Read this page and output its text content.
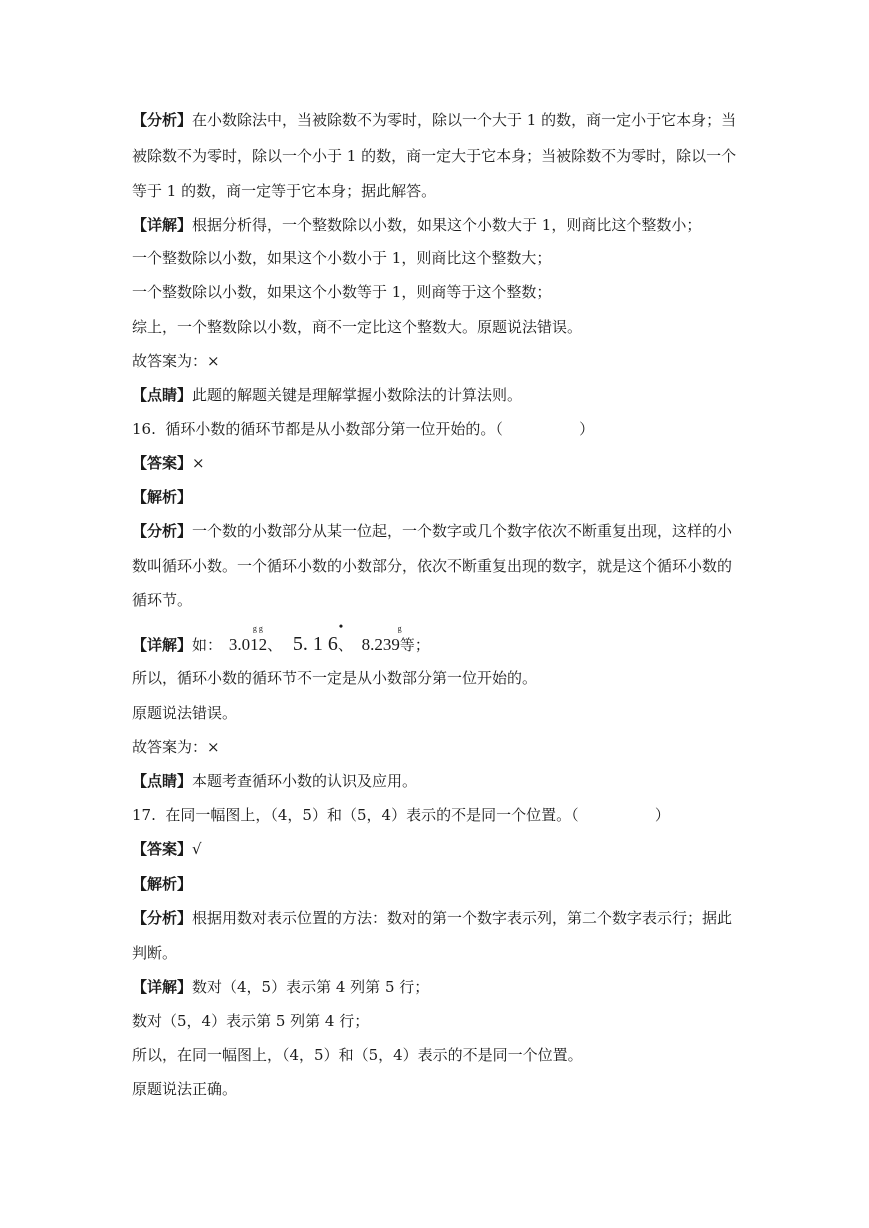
【分析】在小数除法中，当被除数不为零时，除以一个大于 1 的数，商一定小于它本身；当
被除数不为零时，除以一个小于 1 的数，商一定大于它本身；当被除数不为零时，除以一个
等于 1 的数，商一定等于它本身；据此解答。
【详解】根据分析得，一个整数除以小数，如果这个小数大于 1，则商比这个整数小；
一个整数除以小数，如果这个小数小于 1，则商比这个整数大；
一个整数除以小数，如果这个小数等于 1，则商等于这个整数；
综上，一个整数除以小数，商不一定比这个整数大。原题说法错误。
故答案为：×
【点睛】此题的解题关键是理解掌握小数除法的计算法则。
16.  循环小数的循环节都是从小数部分第一位开始的。（                ）
【答案】×
【解析】
【分析】一个数的小数部分从某一位起，一个数字或几个数字依次不断重复出现，这样的小
数叫循环小数。一个循环小数的小数部分，依次不断重复出现的数字，就是这个循环小数的
循环节。
【详解】如： 3.012
g g
、 5. 1 6
•
、 8.239
g
等；
所以，循环小数的循环节不一定是从小数部分第一位开始的。
原题说法错误。
故答案为：×
【点睛】本题考查循环小数的认识及应用。
17.  在同一幅图上，（4，5）和（5，4）表示的不是同一个位置。（                ）
【答案】√
【解析】
【分析】根据用数对表示位置的方法：数对的第一个数字表示列，第二个数字表示行；据此
判断。
【详解】数对（4，5）表示第 4 列第 5 行；
数对（5，4）表示第 5 列第 4 行；
所以，在同一幅图上，（4，5）和（5，4）表示的不是同一个位置。
原题说法正确。
